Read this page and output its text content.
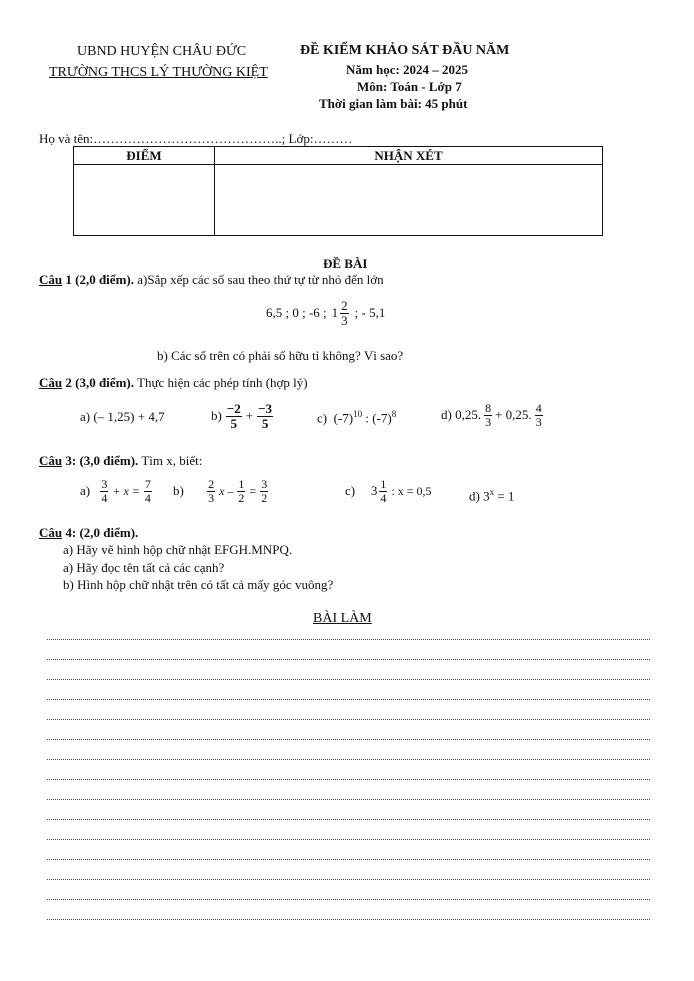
UBND HUYỆN CHÂU ĐỨC
TRƯỜNG THCS LÝ THƯỜNG KIỆT
ĐỀ KIỂM KHẢO SÁT ĐẦU NĂM
Năm học: 2024 – 2025
Môn: Toán - Lớp 7
Thời gian làm bài: 45 phút
Họ và tên:……………………………………..; Lớp:………
ĐIỂM	NHẬN XÉT

ĐỀ BÀI
Câu 1 (2,0 điểm). a)Sắp xếp các số sau theo thứ tự từ nhỏ đến lớn
6,5 ; 0 ; -6 ; $1 \frac{2}{3}$ ; - 5,1
b) Các số trên có phải số hữu tỉ không? Vì sao?
Câu 2 (3,0 điểm). Thực hiện các phép tính (hợp lý)
a) (– 1,25) + 4,7	$b) \frac{-2}{5} + \frac{-3}{5}$	c) $(-7)^{10}$ : $(-7)^8$	d) 0,25. $\frac{8}{3} + 0,25$. $\frac{4}{3}$
Câu 3: (3,0 điểm). Tìm x, biết:
a)
$\frac{3}{4} + x = \frac{7}{4} b$)
$\frac{2}{3}$ $x - \frac{1}{2} = \frac{3}{2}$	c)
$3 \frac{1}{4}$ : x = 0,5	d) $3^x = 1$
Câu 4: (2,0 điểm).
a) Hãy vẽ hình hộp chữ nhật EFGH.MNPQ.
a) Hãy đọc tên tất cả các cạnh?
b) Hình hộp chữ nhật trên có tất cả mấy góc vuông?
BÀI LÀM
